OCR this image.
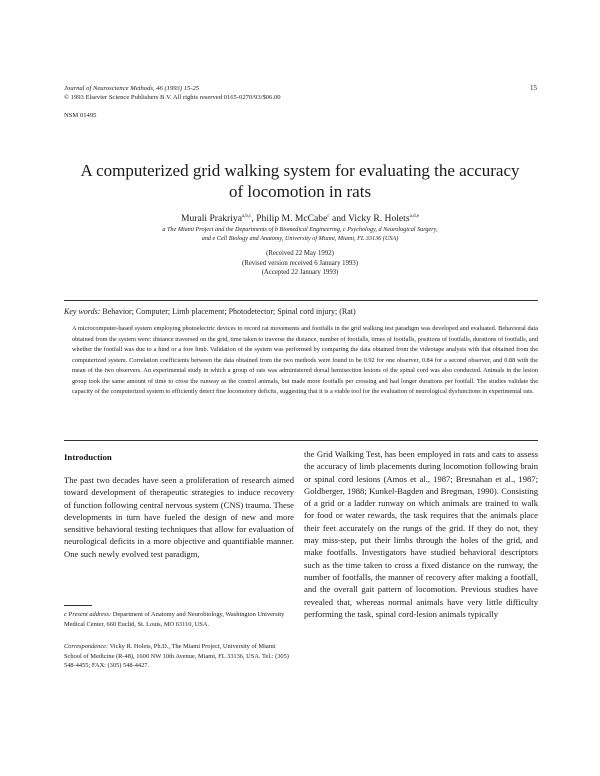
Journal of Neuroscience Methods, 46 (1993) 15-25
© 1993 Elsevier Science Publishers B.V. All rights reserved 0165-0270/93/$06.00
15
NSM 01495
A computerized grid walking system for evaluating the accuracy
of locomotion in rats
Murali Prakriya$^{a,b,c}$, Philip M. McCabe$^c$ and Vicky R. Holets$^{a,d,e}$
a The Miami Project and the Departments of b Biomedical Engineering, c Psychology, d Neurological Surgery,
and e Cell Biology and Anatomy, University of Miami, Miami, FL 33136 (USA)
(Received 22 May 1992)
(Revised version received 6 January 1993)
(Accepted 22 January 1993)
Key words: Behavior; Computer; Limb placement; Photodetector; Spinal cord injury; (Rat)
A microcomputer-based system employing photoelectric devices to record rat movements and footfalls in the grid walking test paradigm was developed and evaluated. Behavioral data obtained from the system were: distance traversed on the grid, time taken to traverse the distance, number of footfalls, times of footfalls, positions of footfalls, durations of footfalls, and whether the footfall was due to a hind or a fore limb. Validation of the system was performed by comparing the data obtained from the videotape analysis with that obtained from the computerized system. Correlation coefficients between the data obtained from the two methods were found to be 0.92 for one observer, 0.84 for a second observer, and 0.88 with the mean of the two observers. An experimental study in which a group of rats was administered dorsal hemisection lesions of the spinal cord was also conducted. Animals in the lesion group took the same amount of time to cross the runway as the control animals, but made more footfalls per crossing and had longer durations per footfall. The studies validate the capacity of the computerized system to efficiently detect fine locomotory deficits, suggesting that it is a viable tool for the evaluation of neurological dysfunctions in experimental rats.
Introduction
The past two decades have seen a proliferation of research aimed toward development of therapeutic strategies to induce recovery of function following central nervous system (CNS) trauma. These developments in turn have fueled the design of new and more sensitive behavioral testing techniques that allow for evaluation of neurological deficits in a more objective and quantifiable manner. One such newly evolved test paradigm,
the Grid Walking Test, has been employed in rats and cats to assess the accuracy of limb placements during locomotion following brain or spinal cord lesions (Amos et al., 1987; Bresnahan et al., 1987; Goldberger, 1988; Kunkel-Bagden and Bregman, 1990). Consisting of a grid or a ladder runway on which animals are trained to walk for food or water rewards, the task requires that the animals place their feet accurately on the rungs of the grid. If they do not, they may miss-step, put their limbs through the holes of the grid, and make footfalls. Investigators have studied behavioral descriptors such as the time taken to cross a fixed distance on the runway, the number of footfalls, the manner of recovery after making a footfall, and the overall gait pattern of locomotion. Previous studies have revealed that, whereas normal animals have very little difficulty performing the task, spinal cord-lesion animals typically
c Present address: Department of Anatomy and Neurobiology, Washington University Medical Center, 660 Euclid, St. Louis, MO 63110, USA.
Correspondence: Vicky R. Holets, Ph.D., The Miami Project, University of Miami School of Medicine (R-48), 1600 NW 10th Avenue, Miami, FL 33136, USA. Tel.: (305) 548-4455; FAX: (305) 548-4427.
